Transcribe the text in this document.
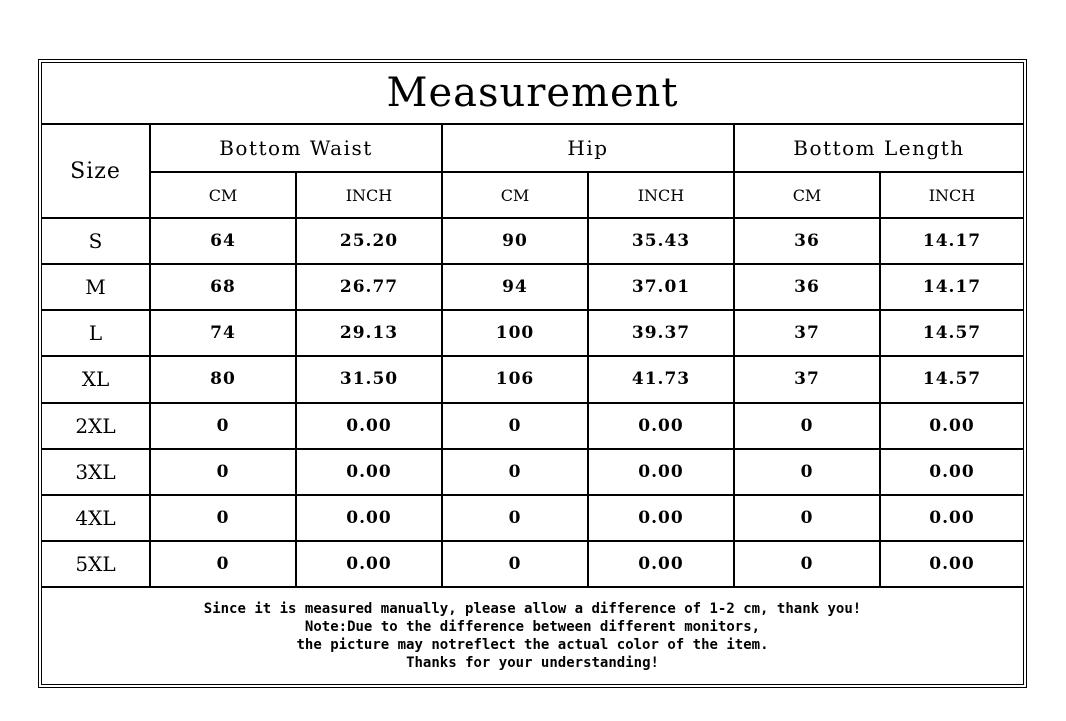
Measurement						
Size	Bottom Waist		Hip		Bottom Length	
	CM	INCH	CM	INCH	CM	INCH
S	64	25.20	90	35.43	36	14.17
M	68	26.77	94	37.01	36	14.17
L	74	29.13	100	39.37	37	14.57
XL	80	31.50	106	41.73	37	14.57
2XL	0	0.00	0	0.00	0	0.00
3XL	0	0.00	0	0.00	0	0.00
4XL	0	0.00	0	0.00	0	0.00
5XL	0	0.00	0	0.00	0	0.00

Since it is measured manually, please allow a difference of 1-2 cm, thank you!
Note:Due to the difference between different monitors,
the picture may notreflect the actual color of the item.
Thanks for your understanding!						
